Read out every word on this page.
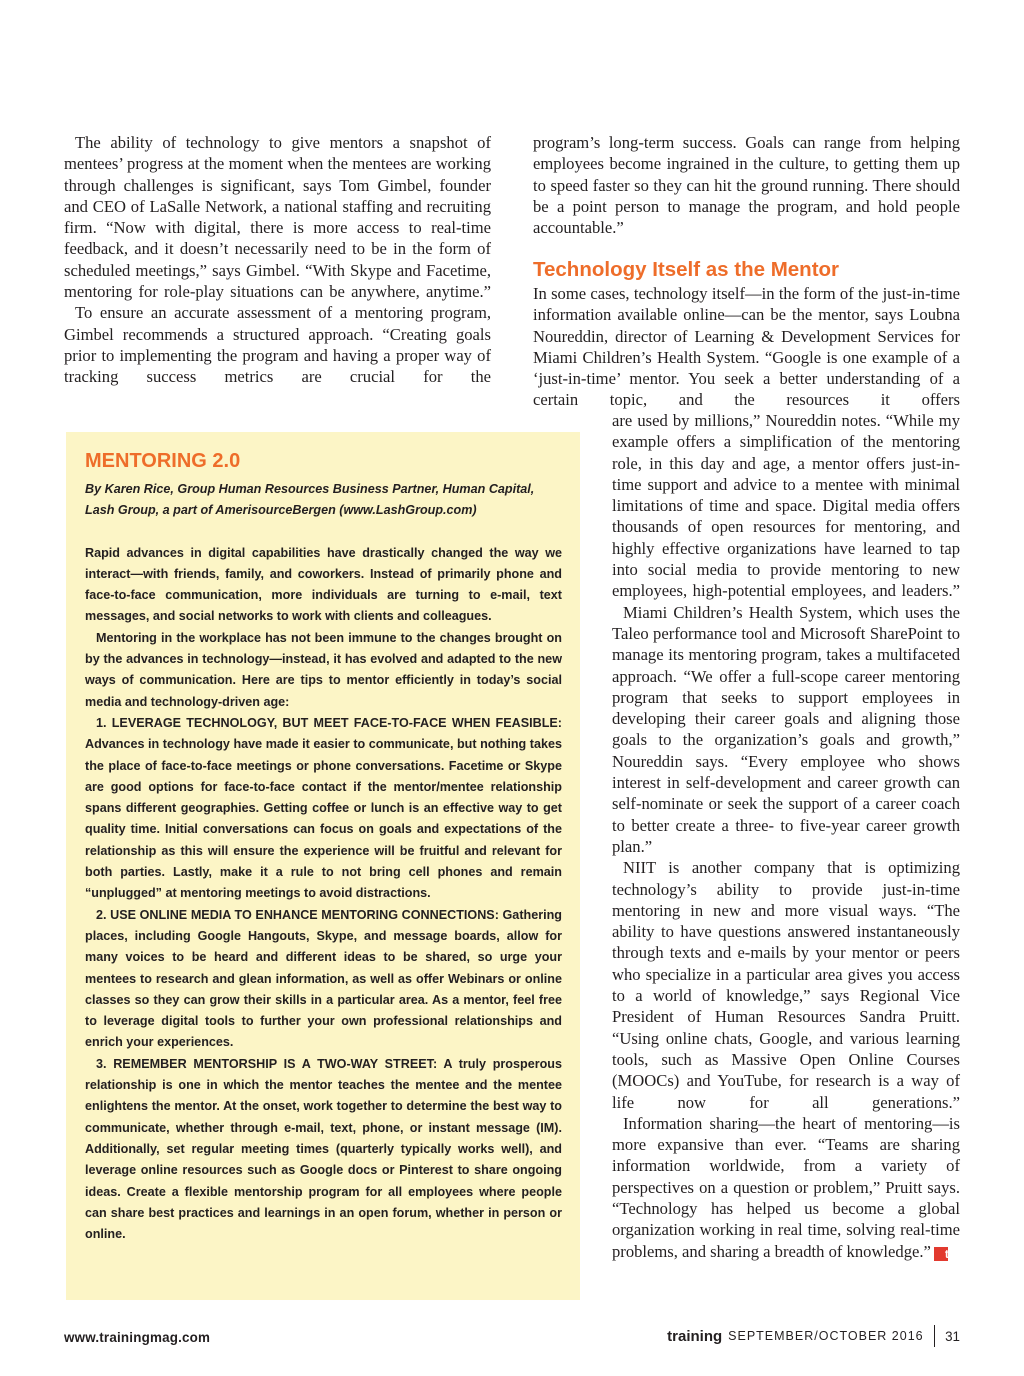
The ability of technology to give mentors a snapshot of mentees’ progress at the moment when the mentees are working through challenges is significant, says Tom Gimbel, founder and CEO of LaSalle Network, a national staffing and recruiting firm. “Now with digital, there is more access to real-time feedback, and it doesn’t necessarily need to be in the form of scheduled meetings,” says Gimbel. “With Skype and Facetime, mentoring for role-play situations can be anywhere, anytime.”

To ensure an accurate assessment of a mentoring program, Gimbel recommends a structured approach. “Creating goals prior to implementing the program and having a proper way of tracking success metrics are crucial for the

program’s long-term success. Goals can range from helping employees become ingrained in the culture, to getting them up to speed faster so they can hit the ground running. There should be a point person to manage the program, and hold people accountable.”

Technology Itself as the Mentor

In some cases, technology itself—in the form of the just-in-time information available online—can be the mentor, says Loubna Noureddin, director of Learning & Development Services for Miami Children’s Health System. “Google is one example of a ‘just-in-time’ mentor. You seek a better understanding of a certain topic, and the resources it offers

are used by millions,” Noureddin notes. “While my example offers a simplification of the mentoring role, in this day and age, a mentor offers just-in-time support and advice to a mentee with minimal limitations of time and space. Digital media offers thousands of open resources for mentoring, and highly effective organizations have learned to tap into social media to provide mentoring to new employees, high-potential employees, and leaders.”

Miami Children’s Health System, which uses the Taleo performance tool and Microsoft SharePoint to manage its mentoring program, takes a multifaceted approach. “We offer a full-scope career mentoring program that seeks to support employees in developing their career goals and aligning those goals to the organization’s goals and growth,” Noureddin says. “Every employee who shows interest in self-development and career growth can self-nominate or seek the support of a career coach to better create a three- to five-year career growth plan.”

NIIT is another company that is optimizing technology’s ability to provide just-in-time mentoring in new and more visual ways. “The ability to have questions answered instantaneously through texts and e-mails by your mentor or peers who specialize in a particular area gives you access to a world of knowledge,” says Regional Vice President of Human Resources Sandra Pruitt. “Using online chats, Google, and various learning tools, such as Massive Open Online Courses (MOOCs) and YouTube, for research is a way of life now for all generations.”

Information sharing—the heart of mentoring—is more expansive than ever. “Teams are sharing information worldwide, from a variety of perspectives on a question or problem,” Pruitt says. “Technology has helped us become a global organization working in real time, solving real-time problems, and sharing a breadth of knowledge.” t

MENTORING 2.0
By Karen Rice, Group Human Resources Business Partner, Human Capital, Lash Group, a part of AmerisourceBergen (www.LashGroup.com)

Rapid advances in digital capabilities have drastically changed the way we interact—with friends, family, and coworkers. Instead of primarily phone and face-to-face communication, more individuals are turning to e-mail, text messages, and social networks to work with clients and colleagues.

Mentoring in the workplace has not been immune to the changes brought on by the advances in technology—instead, it has evolved and adapted to the new ways of communication. Here are tips to mentor efficiently in today’s social media and technology-driven age:

1. LEVERAGE TECHNOLOGY, BUT MEET FACE-TO-FACE WHEN FEASIBLE: Advances in technology have made it easier to communicate, but nothing takes the place of face-to-face meetings or phone conversations. Facetime or Skype are good options for face-to-face contact if the mentor/mentee relationship spans different geographies. Getting coffee or lunch is an effective way to get quality time. Initial conversations can focus on goals and expectations of the relationship as this will ensure the experience will be fruitful and relevant for both parties. Lastly, make it a rule to not bring cell phones and remain “unplugged” at mentoring meetings to avoid distractions.

2. USE ONLINE MEDIA TO ENHANCE MENTORING CONNECTIONS: Gathering places, including Google Hangouts, Skype, and message boards, allow for many voices to be heard and different ideas to be shared, so urge your mentees to research and glean information, as well as offer Webinars or online classes so they can grow their skills in a particular area. As a mentor, feel free to leverage digital tools to further your own professional relationships and enrich your experiences.

3. REMEMBER MENTORSHIP IS A TWO-WAY STREET: A truly prosperous relationship is one in which the mentor teaches the mentee and the mentee enlightens the mentor. At the onset, work together to determine the best way to communicate, whether through e-mail, text, phone, or instant message (IM). Additionally, set regular meeting times (quarterly typically works well), and leverage online resources such as Google docs or Pinterest to share ongoing ideas. Create a flexible mentorship program for all employees where people can share best practices and learnings in an open forum, whether in person or online.

www.trainingmag.com	training SEPTEMBER/OCTOBER 2016 31
